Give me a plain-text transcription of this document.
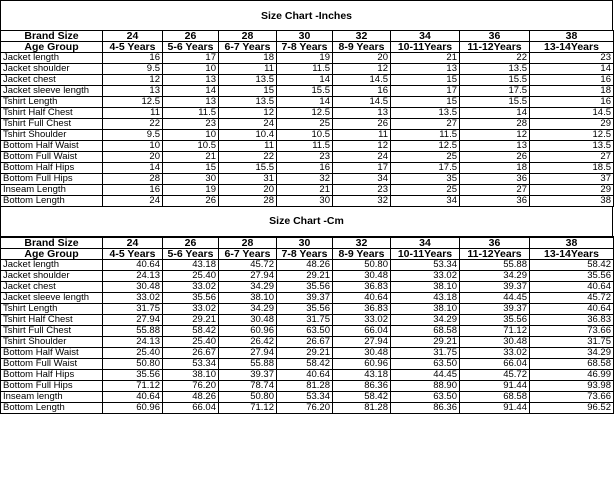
Size Chart -Inches
Brand Size	24	26	28	30	32	34	36	38
Age Group	4-5 Years	5-6 Years	6-7 Years	7-8 Years	8-9 Years	10-11Years	11-12Years	13-14Years
Jacket length	16	17	18	19	20	21	22	23
Jacket shoulder	9.5	10	11	11.5	12	13	13.5	14
Jacket chest	12	13	13.5	14	14.5	15	15.5	16
Jacket sleeve length	13	14	15	15.5	16	17	17.5	18
Tshirt Length	12.5	13	13.5	14	14.5	15	15.5	16
Tshirt Half Chest	11	11.5	12	12.5	13	13.5	14	14.5
Tshirt Full Chest	22	23	24	25	26	27	28	29
Tshirt Shoulder	9.5	10	10.4	10.5	11	11.5	12	12.5
Bottom Half Waist	10	10.5	11	11.5	12	12.5	13	13.5
Bottom Full Waist	20	21	22	23	24	25	26	27
Bottom Half Hips	14	15	15.5	16	17	17.5	18	18.5
Bottom Full Hips	28	30	31	32	34	35	36	37
Inseam Length	16	19	20	21	23	25	27	29
Bottom Length	24	26	28	30	32	34	36	38
Size Chart -Cm
Brand Size	24	26	28	30	32	34	36	38
Age Group	4-5 Years	5-6 Years	6-7 Years	7-8 Years	8-9 Years	10-11Years	11-12Years	13-14Years
Jacket length	40.64	43.18	45.72	48.26	50.80	53.34	55.88	58.42
Jacket shoulder	24.13	25.40	27.94	29.21	30.48	33.02	34.29	35.56
Jacket chest	30.48	33.02	34.29	35.56	36.83	38.10	39.37	40.64
Jacket sleeve length	33.02	35.56	38.10	39.37	40.64	43.18	44.45	45.72
Tshirt Length	31.75	33.02	34.29	35.56	36.83	38.10	39.37	40.64
Tshirt Half Chest	27.94	29.21	30.48	31.75	33.02	34.29	35.56	36.83
Tshirt Full Chest	55.88	58.42	60.96	63.50	66.04	68.58	71.12	73.66
Tshirt Shoulder	24.13	25.40	26.42	26.67	27.94	29.21	30.48	31.75
Bottom Half Waist	25.40	26.67	27.94	29.21	30.48	31.75	33.02	34.29
Bottom Full Waist	50.80	53.34	55.88	58.42	60.96	63.50	66.04	68.58
Bottom Half Hips	35.56	38.10	39.37	40.64	43.18	44.45	45.72	46.99
Bottom Full Hips	71.12	76.20	78.74	81.28	86.36	88.90	91.44	93.98
Inseam length	40.64	48.26	50.80	53.34	58.42	63.50	68.58	73.66
Bottom Length	60.96	66.04	71.12	76.20	81.28	86.36	91.44	96.52
